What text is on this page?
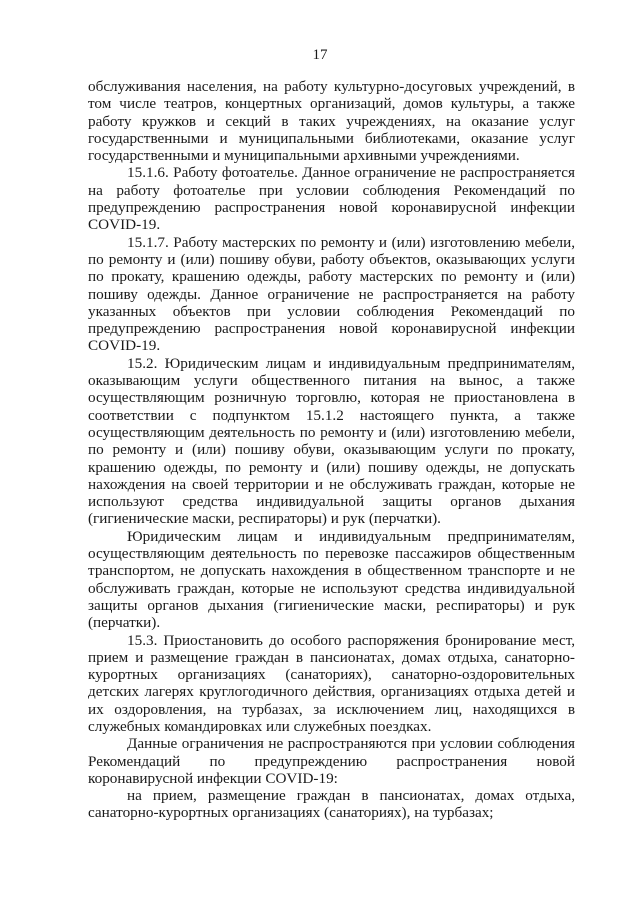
17

обслуживания населения, на работу культурно-досуговых учреждений, в том числе театров, концертных организаций, домов культуры, а также работу кружков и секций в таких учреждениях, на оказание услуг государственными и муниципальными библиотеками, оказание услуг государственными и муниципальными архивными учреждениями.

15.1.6. Работу фотоателье. Данное ограничение не распространяется на работу фотоателье при условии соблюдения Рекомендаций по предупреждению распространения новой коронавирусной инфекции COVID-19.

15.1.7. Работу мастерских по ремонту и (или) изготовлению мебели, по ремонту и (или) пошиву обуви, работу объектов, оказывающих услуги по прокату, крашению одежды, работу мастерских по ремонту и (или) пошиву одежды. Данное ограничение не распространяется на работу указанных объектов при условии соблюдения Рекомендаций по предупреждению распространения новой коронавирусной инфекции COVID-19.

15.2. Юридическим лицам и индивидуальным предпринимателям, оказывающим услуги общественного питания на вынос, а также осуществляющим розничную торговлю, которая не приостановлена в соответствии с подпунктом 15.1.2 настоящего пункта, а также осуществляющим деятельность по ремонту и (или) изготовлению мебели, по ремонту и (или) пошиву обуви, оказывающим услуги по прокату, крашению одежды, по ремонту и (или) пошиву одежды, не допускать нахождения на своей территории и не обслуживать граждан, которые не используют средства индивидуальной защиты органов дыхания (гигиенические маски, респираторы) и рук (перчатки).

Юридическим лицам и индивидуальным предпринимателям, осуществляющим деятельность по перевозке пассажиров общественным транспортом, не допускать нахождения в общественном транспорте и не обслуживать граждан, которые не используют средства индивидуальной защиты органов дыхания (гигиенические маски, респираторы) и рук (перчатки).

15.3. Приостановить до особого распоряжения бронирование мест, прием и размещение граждан в пансионатах, домах отдыха, санаторно-курортных организациях (санаториях), санаторно-оздоровительных детских лагерях круглогодичного действия, организациях отдыха детей и их оздоровления, на турбазах, за исключением лиц, находящихся в служебных командировках или служебных поездках.

Данные ограничения не распространяются при условии соблюдения Рекомендаций по предупреждению распространения новой коронавирусной инфекции COVID-19:

на прием, размещение граждан в пансионатах, домах отдыха, санаторно-курортных организациях (санаториях), на турбазах;
